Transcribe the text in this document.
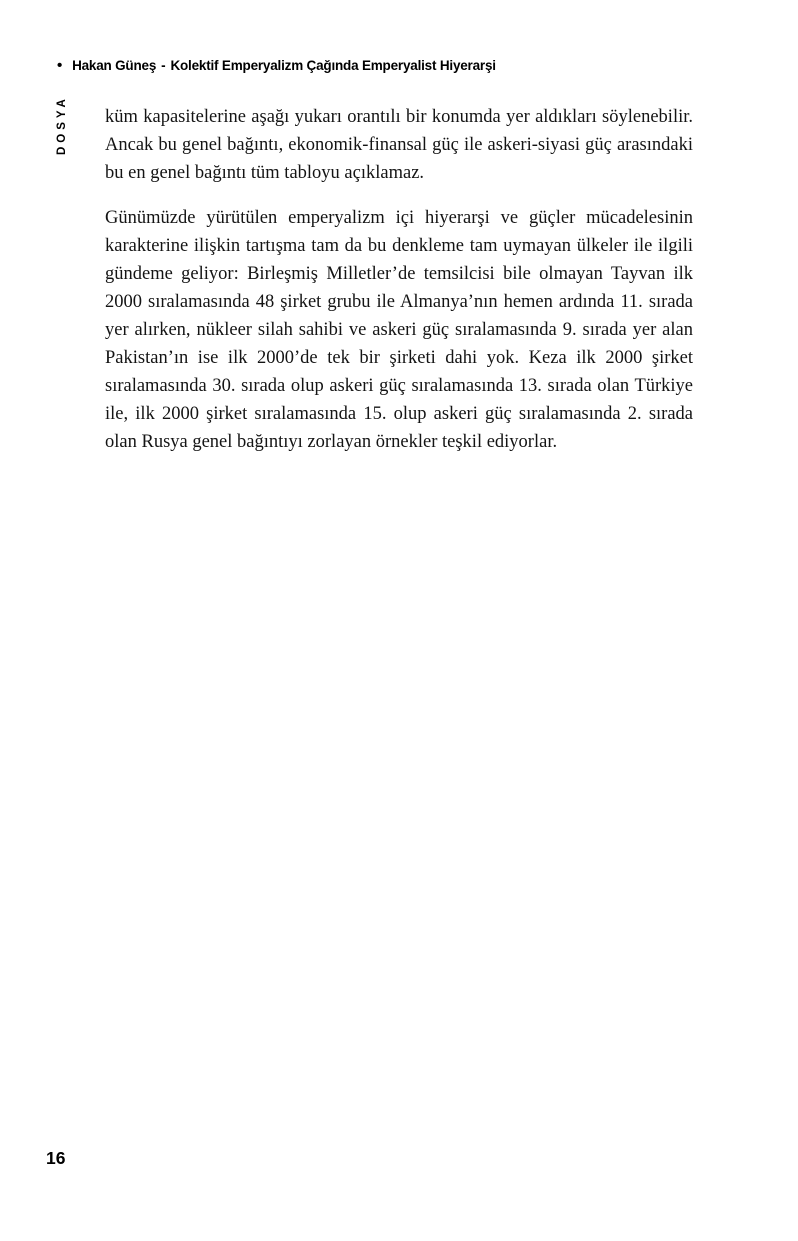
• Hakan Güneş - Kolektif Emperyalizm Çağında Emperyalist Hiyerarşi
DOSYA küm kapasitelerine aşağı yukarı orantılı bir konumda yer aldıkları söylenebilir. Ancak bu genel bağıntı, ekonomik-finansal güç ile askeri-siyasi güç arasındaki bu en genel bağıntı tüm tabloyu açıklamaz.

Günümüzde yürütülen emperyalizm içi hiyerarşi ve güçler mücadelesinin karakterine ilişkin tartışma tam da bu denkleme tam uymayan ülkeler ile ilgili gündeme geliyor: Birleşmiş Milletler’de temsilcisi bile olmayan Tayvan ilk 2000 sıralamasında 48 şirket grubu ile Almanya’nın hemen ardında 11. sırada yer alırken, nükleer silah sahibi ve askeri güç sıralamasında 9. sırada yer alan Pakistan’ın ise ilk 2000’de tek bir şirketi dahi yok. Keza ilk 2000 şirket sıralamasında 30. sırada olup askeri güç sıralamasında 13. sırada olan Türkiye ile, ilk 2000 şirket sıralamasında 15. olup askeri güç sıralamasında 2. sırada olan Rusya genel bağıntıyı zorlayan örnekler teşkil ediyorlar.

16
